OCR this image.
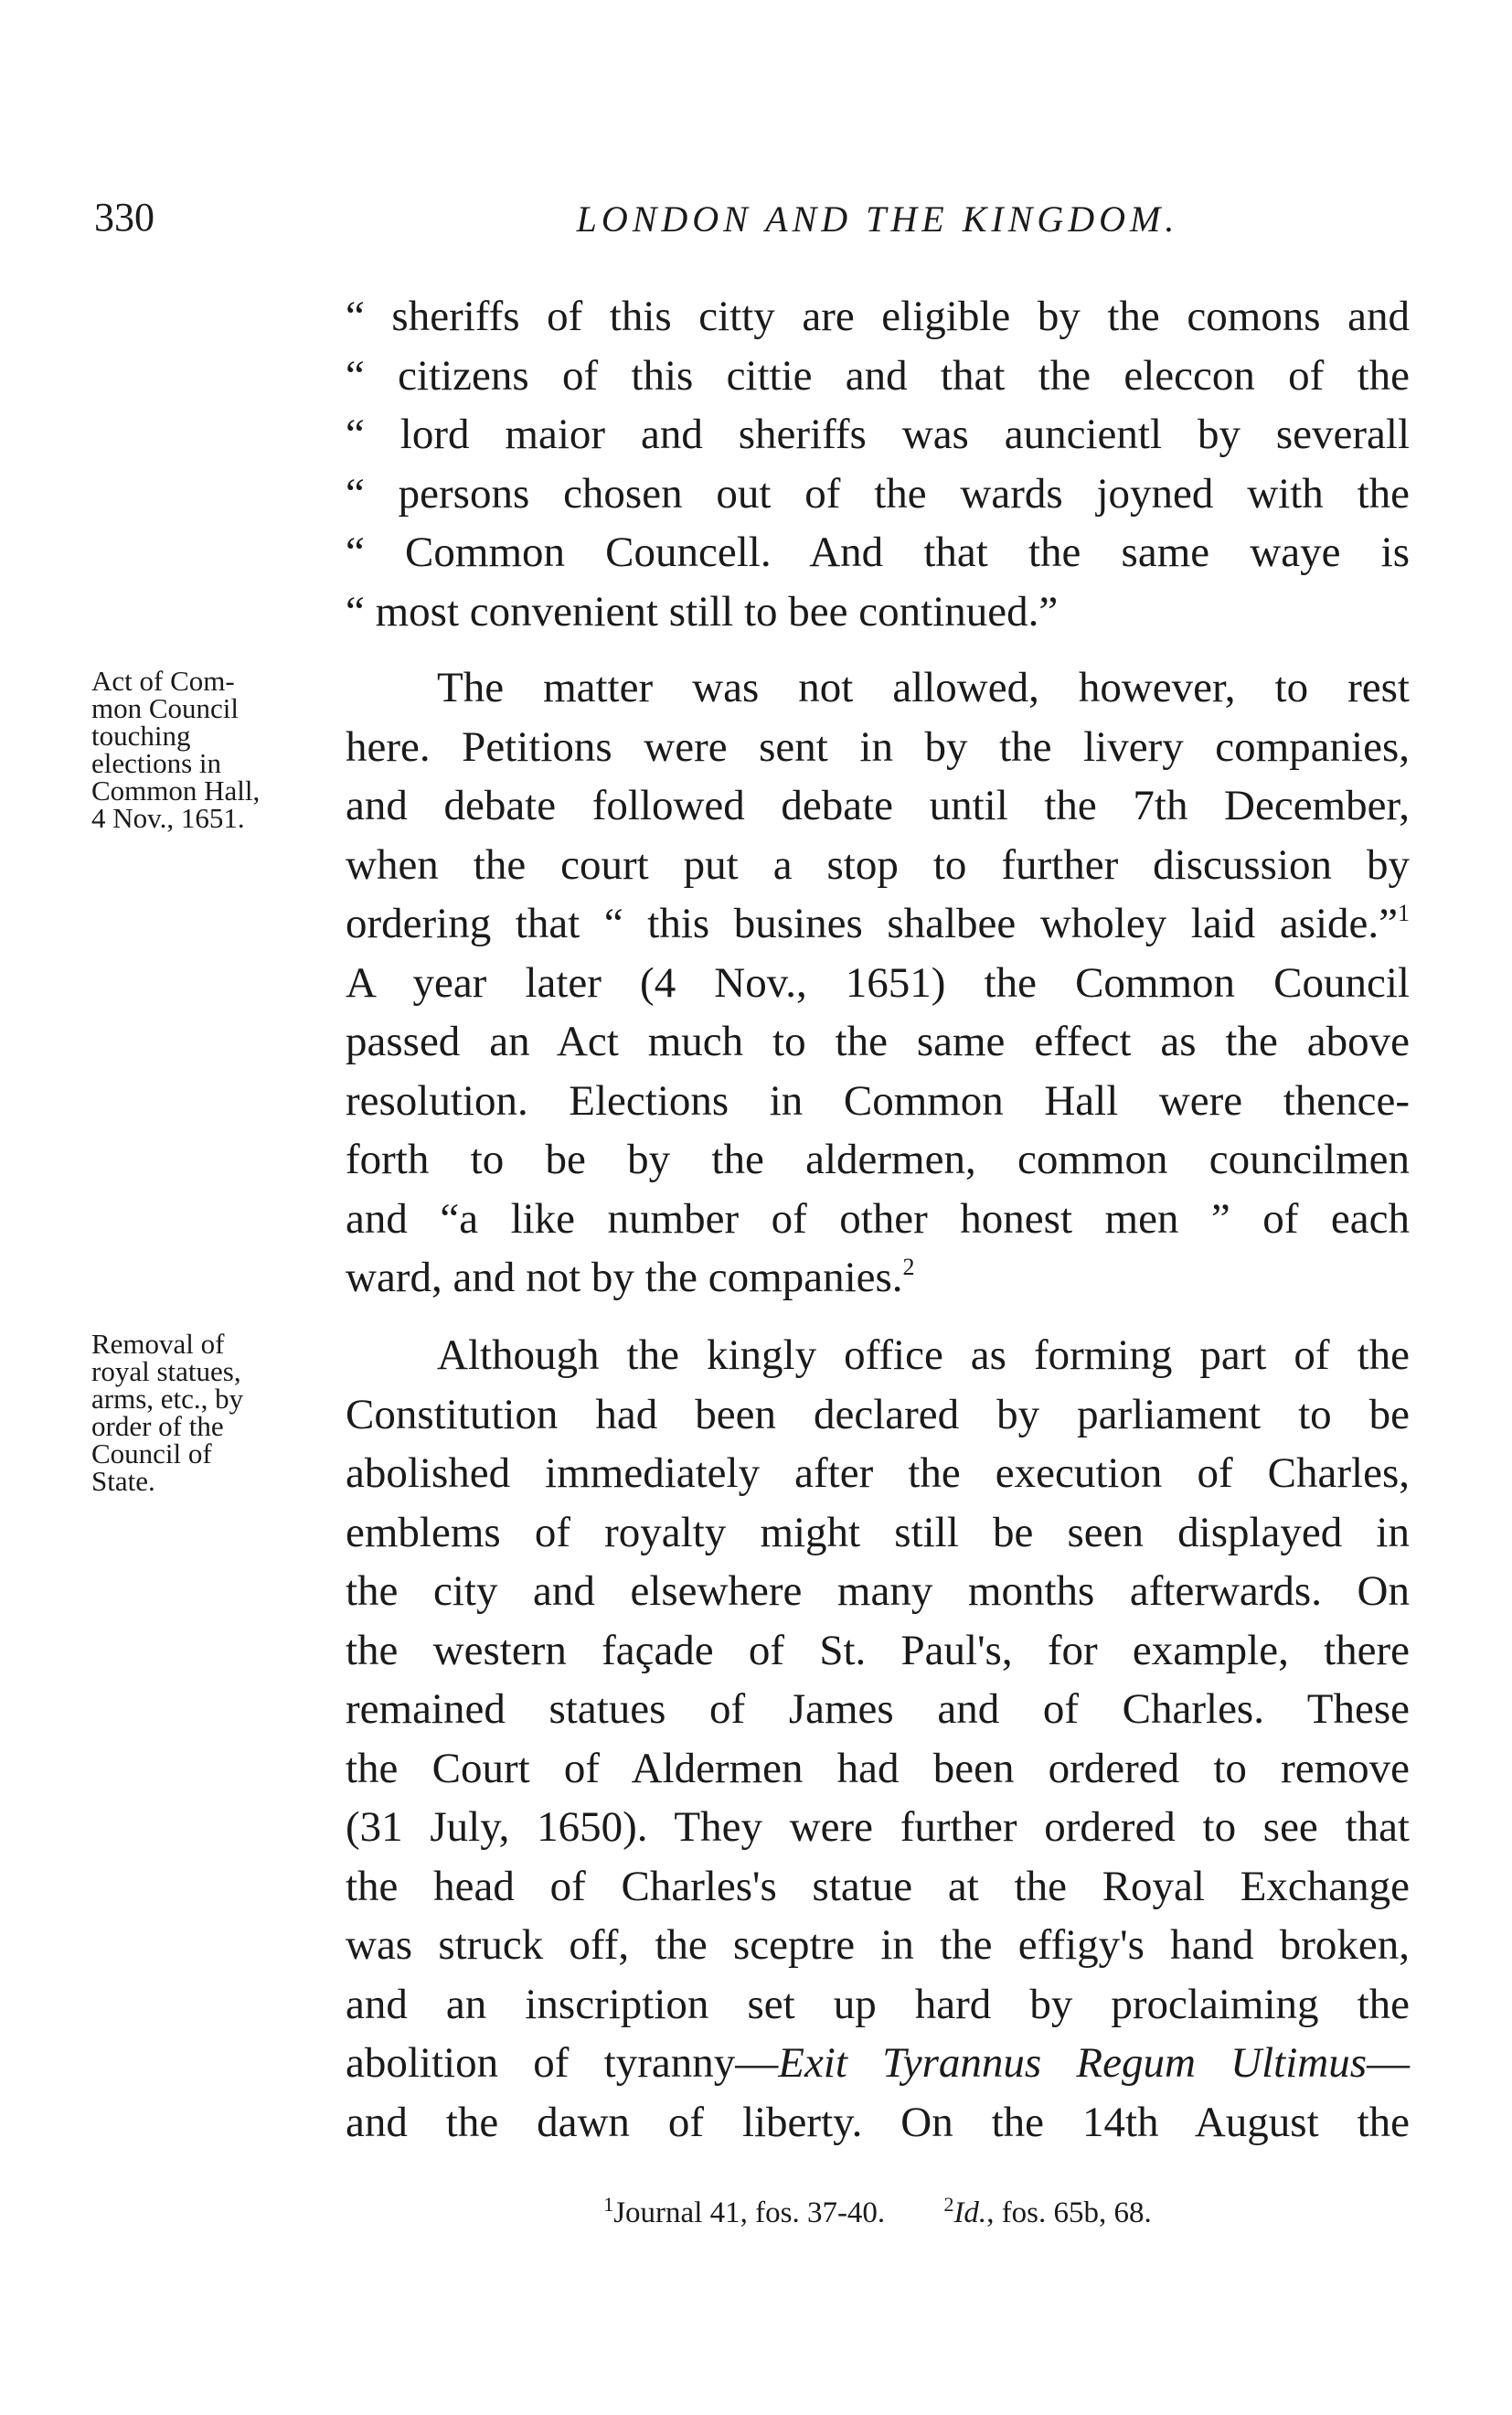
330	LONDON AND THE KINGDOM.
“ sheriffs of this citty are eligible by the comons and
“ citizens of this cittie and that the eleccon of the
“ lord maior and sheriffs was auncientl by severall
“ persons chosen out of the wards joyned with the
“ Common Councell. And that the same waye is
“ most convenient still to bee continued.”
Act of Com-
mon Council
touching
elections in
Common Hall,
4 Nov., 1651.
The matter was not allowed, however, to rest
here. Petitions were sent in by the livery companies,
and debate followed debate until the 7th December,
when the court put a stop to further discussion by
ordering that “ this busines shalbee wholey laid aside.”$^1$
A year later (4 Nov., 1651) the Common Council
passed an Act much to the same effect as the above
resolution. Elections in Common Hall were thence-
forth to be by the aldermen, common councilmen
and “a like number of other honest men ” of each
ward, and not by the companies.$^2$
Removal of
royal statues,
arms, etc., by
order of the
Council of
State.
Although the kingly office as forming part of the
Constitution had been declared by parliament to be
abolished immediately after the execution of Charles,
emblems of royalty might still be seen displayed in
the city and elsewhere many months afterwards. On
the western façade of St. Paul's, for example, there
remained statues of James and of Charles. These
the Court of Aldermen had been ordered to remove
(31 July, 1650). They were further ordered to see that
the head of Charles's statue at the Royal Exchange
was struck off, the sceptre in the effigy's hand broken,
and an inscription set up hard by proclaiming the
abolition of tyranny—Exit Tyrannus Regum Ultimus—
and the dawn of liberty. On the 14th August the
$^1$Journal 41, fos. 37-40.	$^2$Id., fos. 65b, 68.
